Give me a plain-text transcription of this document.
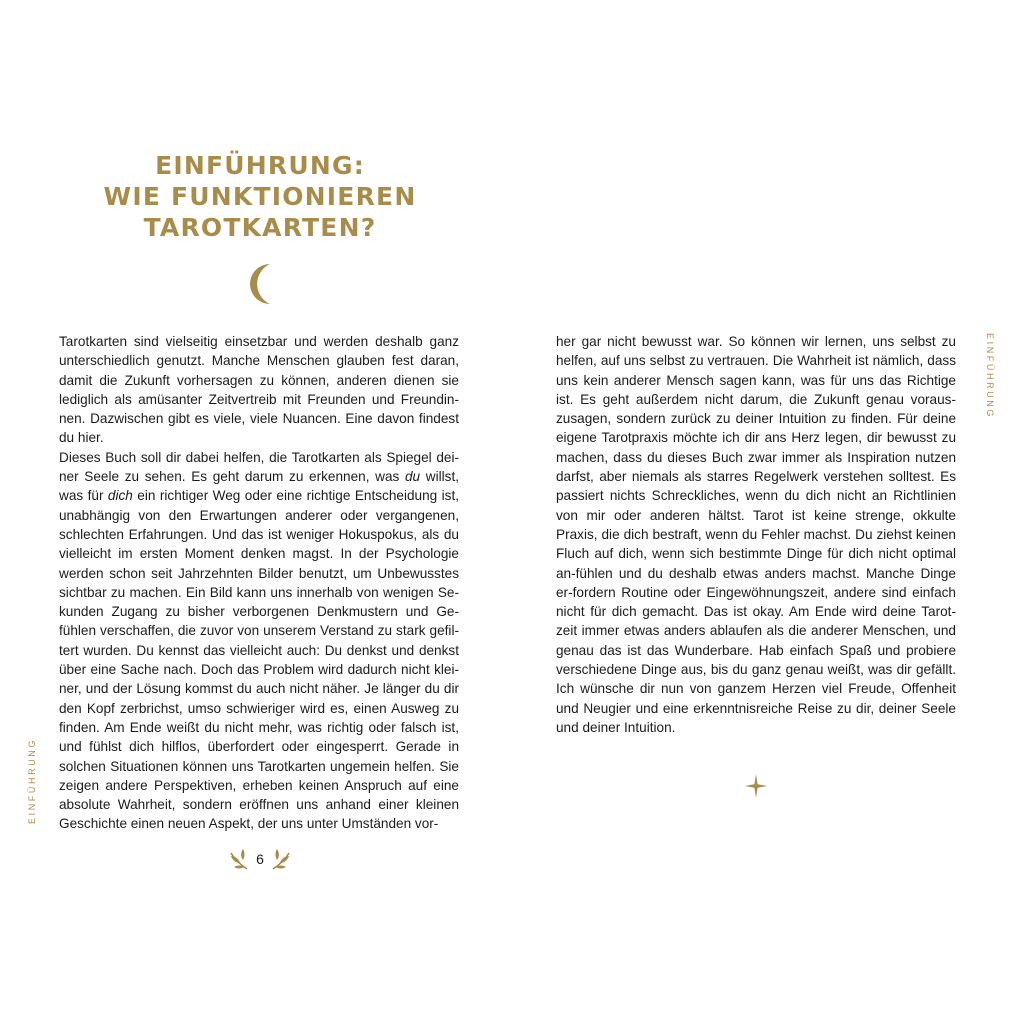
EINFÜHRUNG:
WIE FUNKTIONIEREN
TAROTKARTEN?

Tarotkarten sind vielseitig einsetzbar und werden deshalb ganz unterschiedlich genutzt. Manche Menschen glauben fest daran, damit die Zukunft vorhersagen zu können, anderen dienen sie lediglich als amüsanter Zeitvertreib mit Freunden und Freundin-nen. Dazwischen gibt es viele, viele Nuancen. Eine davon findest du hier.

Dieses Buch soll dir dabei helfen, die Tarotkarten als Spiegel dei-ner Seele zu sehen. Es geht darum zu erkennen, was du willst, was für dich ein richtiger Weg oder eine richtige Entscheidung ist, unabhängig von den Erwartungen anderer oder vergangenen, schlechten Erfahrungen. Und das ist weniger Hokuspokus, als du vielleicht im ersten Moment denken magst. In der Psychologie werden schon seit Jahrzehnten Bilder benutzt, um Unbewusstes sichtbar zu machen. Ein Bild kann uns innerhalb von wenigen Se-kunden Zugang zu bisher verborgenen Denkmustern und Ge-fühlen verschaffen, die zuvor von unserem Verstand zu stark gefil-tert wurden. Du kennst das vielleicht auch: Du denkst und denkst über eine Sache nach. Doch das Problem wird dadurch nicht klei-ner, und der Lösung kommst du auch nicht näher. Je länger du dir den Kopf zerbrichst, umso schwieriger wird es, einen Ausweg zu finden. Am Ende weißt du nicht mehr, was richtig oder falsch ist, und fühlst dich hilflos, überfordert oder eingesperrt. Gerade in solchen Situationen können uns Tarotkarten ungemein helfen. Sie zeigen andere Perspektiven, erheben keinen Anspruch auf eine absolute Wahrheit, sondern eröffnen uns anhand einer kleinen Geschichte einen neuen Aspekt, der uns unter Umständen vor-

her gar nicht bewusst war. So können wir lernen, uns selbst zu helfen, auf uns selbst zu vertrauen. Die Wahrheit ist nämlich, dass uns kein anderer Mensch sagen kann, was für uns das Richtige ist. Es geht außerdem nicht darum, die Zukunft genau voraus-zusagen, sondern zurück zu deiner Intuition zu finden. Für deine eigene Tarotpraxis möchte ich dir ans Herz legen, dir bewusst zu machen, dass du dieses Buch zwar immer als Inspiration nutzen darfst, aber niemals als starres Regelwerk verstehen solltest. Es passiert nichts Schreckliches, wenn du dich nicht an Richtlinien von mir oder anderen hältst. Tarot ist keine strenge, okkulte Praxis, die dich bestraft, wenn du Fehler machst. Du ziehst keinen Fluch auf dich, wenn sich bestimmte Dinge für dich nicht optimal an-fühlen und du deshalb etwas anders machst. Manche Dinge er-fordern Routine oder Eingewöhnungszeit, andere sind einfach nicht für dich gemacht. Das ist okay. Am Ende wird deine Tarot-zeit immer etwas anders ablaufen als die anderer Menschen, und genau das ist das Wunderbare. Hab einfach Spaß und probiere verschiedene Dinge aus, bis du ganz genau weißt, was dir gefällt. Ich wünsche dir nun von ganzem Herzen viel Freude, Offenheit und Neugier und eine erkenntnisreiche Reise zu dir, deiner Seele und deiner Intuition.

EINFÜHRUNG
EINFÜHRUNG
6
